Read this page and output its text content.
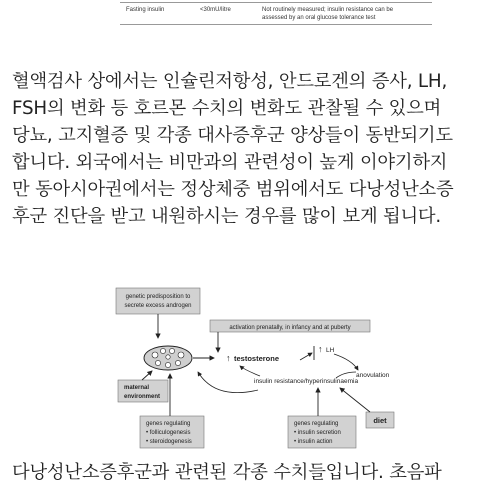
Fasting insulin	<30mU/litre	Not routinely measured; insulin resistance can be
assessed by an oral glucose tolerance test

혈액검사 상에서는 인슐린저항성, 안드로겐의 증사, LH,

FSH의 변화 등 호르몬 수치의 변화도 관찰될 수 있으며

당뇨, 고지혈증 및 각종 대사증후군 양상들이 동반되기도

합니다. 외국에서는 비만과의 관련성이 높게 이야기하지

만 동아시아권에서는 정상체중 범위에서도 다낭성난소증

후군 진단을 받고 내원하시는 경우를 많이 보게 됩니다.

genetic predisposition to
secrete excess androgen
activation prenatally, in infancy and at puberty
↑ testosterone
↑ LH
anovulation
insulin resistance/hyperinsulinaemia
maternal
environment
genes regulating
• folliculogenesis
• steroidogenesis
genes regulating
• insulin secretion
• insulin action
diet

다낭성난소증후군과 관련된 각종 수치들입니다. 초음파
